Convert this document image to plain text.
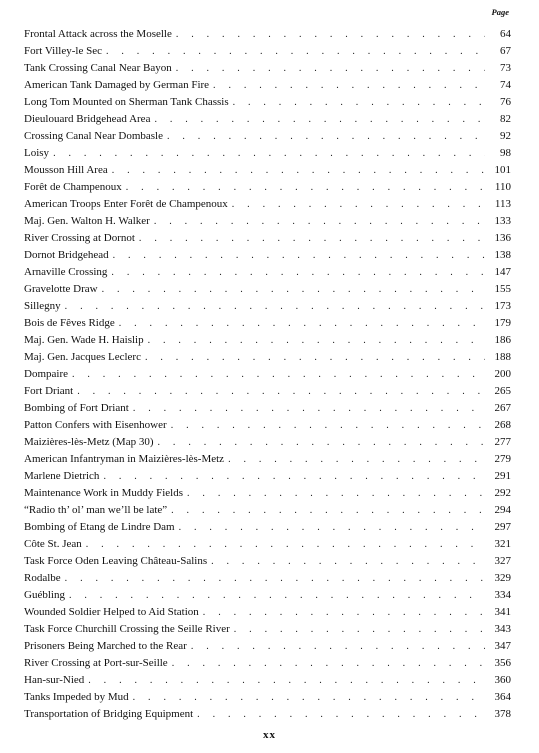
Page
Frontal Attack across the Moselle . . .	64
Fort Villey-le Sec . . .	67
Tank Crossing Canal Near Bayon . . .	73
American Tank Damaged by German Fire . . .	74
Long Tom Mounted on Sherman Tank Chassis . . .	76
Dieulouard Bridgehead Area . . .	82
Crossing Canal Near Dombasle . . .	92
Loisy . . .	98
Mousson Hill Area . . .	101
Forêt de Champenoux . . .	110
American Troops Enter Forêt de Champenoux . . .	113
Maj. Gen. Walton H. Walker . . .	133
River Crossing at Dornot . . .	136
Dornot Bridgehead . . .	138
Arnaville Crossing . . .	147
Gravelotte Draw . . .	155
Sillegny . . .	173
Bois de Fêves Ridge . . .	179
Maj. Gen. Wade H. Haislip . . .	186
Maj. Gen. Jacques Leclerc . . .	188
Dompaire . . .	200
Fort Driant . . .	265
Bombing of Fort Driant . . .	267
Patton Confers with Eisenhower . . .	268
Maizières-lès-Metz (Map 30) . . .	277
American Infantryman in Maizières-lès-Metz . . .	279
Marlene Dietrich . . .	291
Maintenance Work in Muddy Fields . . .	292
“Radio th’ ol’ man we’ll be late” . . .	294
Bombing of Etang de Lindre Dam . . .	297
Côte St. Jean . . .	321
Task Force Oden Leaving Château-Salins . . .	327
Rodalbe . . .	329
Guébling . . .	334
Wounded Soldier Helped to Aid Station . . .	341
Task Force Churchill Crossing the Seille River . . .	343
Prisoners Being Marched to the Rear . . .	347
River Crossing at Port-sur-Seille . . .	356
Han-sur-Nied . . .	360
Tanks Impeded by Mud . . .	364
Transportation of Bridging Equipment . . .	378
xx
